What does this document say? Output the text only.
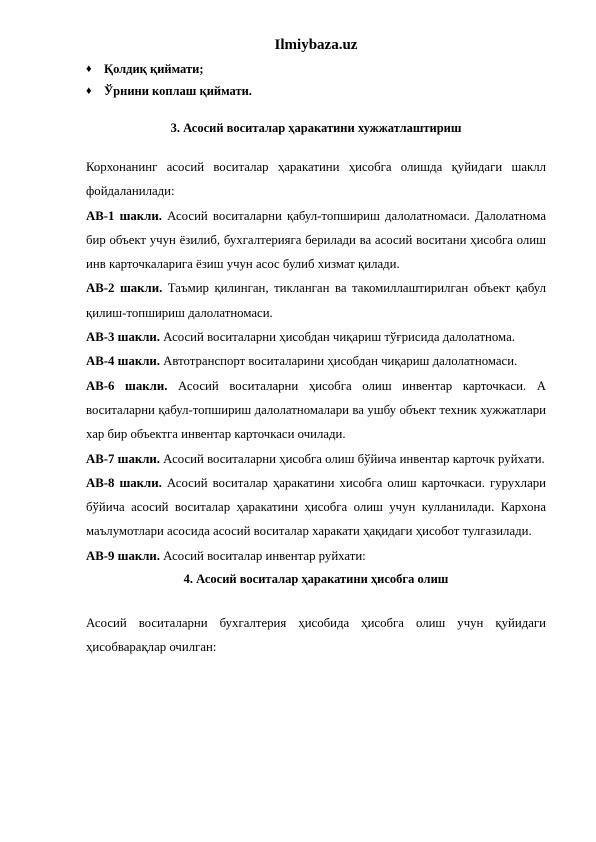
Ilmiybaza.uz
♦ Қолдиқ қиймати;
♦ Ўрнини коплаш қиймати.
3. Асосий воситалар ҳаракатини хужжатлаштириш

Корхонанинг асосий воситалар ҳаракатини ҳисобга олишда қуйидаги шаклл фойдаланилади:

АВ-1 шакли. Асосий воситаларни қабул-топшириш далолатномаси. Далолатнома бир объект учун ёзилиб, бухгалтерияга берилади ва асосий воситани ҳисобга олиш инв карточкаларига ёзиш учун асос булиб хизмат қилади.

АВ-2 шакли. Таъмир қилинган, тикланган ва такомиллаштирилган объект қабул қилиш-топшириш далолатномаси.

АВ-3 шакли. Асосий воситаларни ҳисобдан чиқариш тўғрисида далолатнома.

АВ-4 шакли. Автотранспорт воситаларини ҳисобдан чиқариш далолатномаси.

АВ-6 шакли. Асосий воситаларни ҳисобга олиш инвентар карточкаси. А воситаларни қабул-топшириш далолатномалари ва ушбу объект техник хужжатлари хар бир объектга инвентар карточкаси очилади.

АВ-7 шакли. Асосий воситаларни ҳисобга олиш бўйича инвентар карточк руйхати.

АВ-8 шакли. Асосий воситалар ҳаракатини хисобга олиш карточкаси. гурухлари бўйича асосий воситалар ҳаракатини ҳисобга олиш учун кулланилади. Кархона маълумотлари асосида асосий воситалар харакати ҳақидаги ҳисобот тулгазилади.

АВ-9 шакли. Асосий воситалар инвентар руйхати:

4. Асосий воситалар ҳаракатини ҳисобга олиш

Асосий воситаларни бухгалтерия ҳисобида ҳисобга олиш учун қуйидаги ҳисобварақлар очилган:
